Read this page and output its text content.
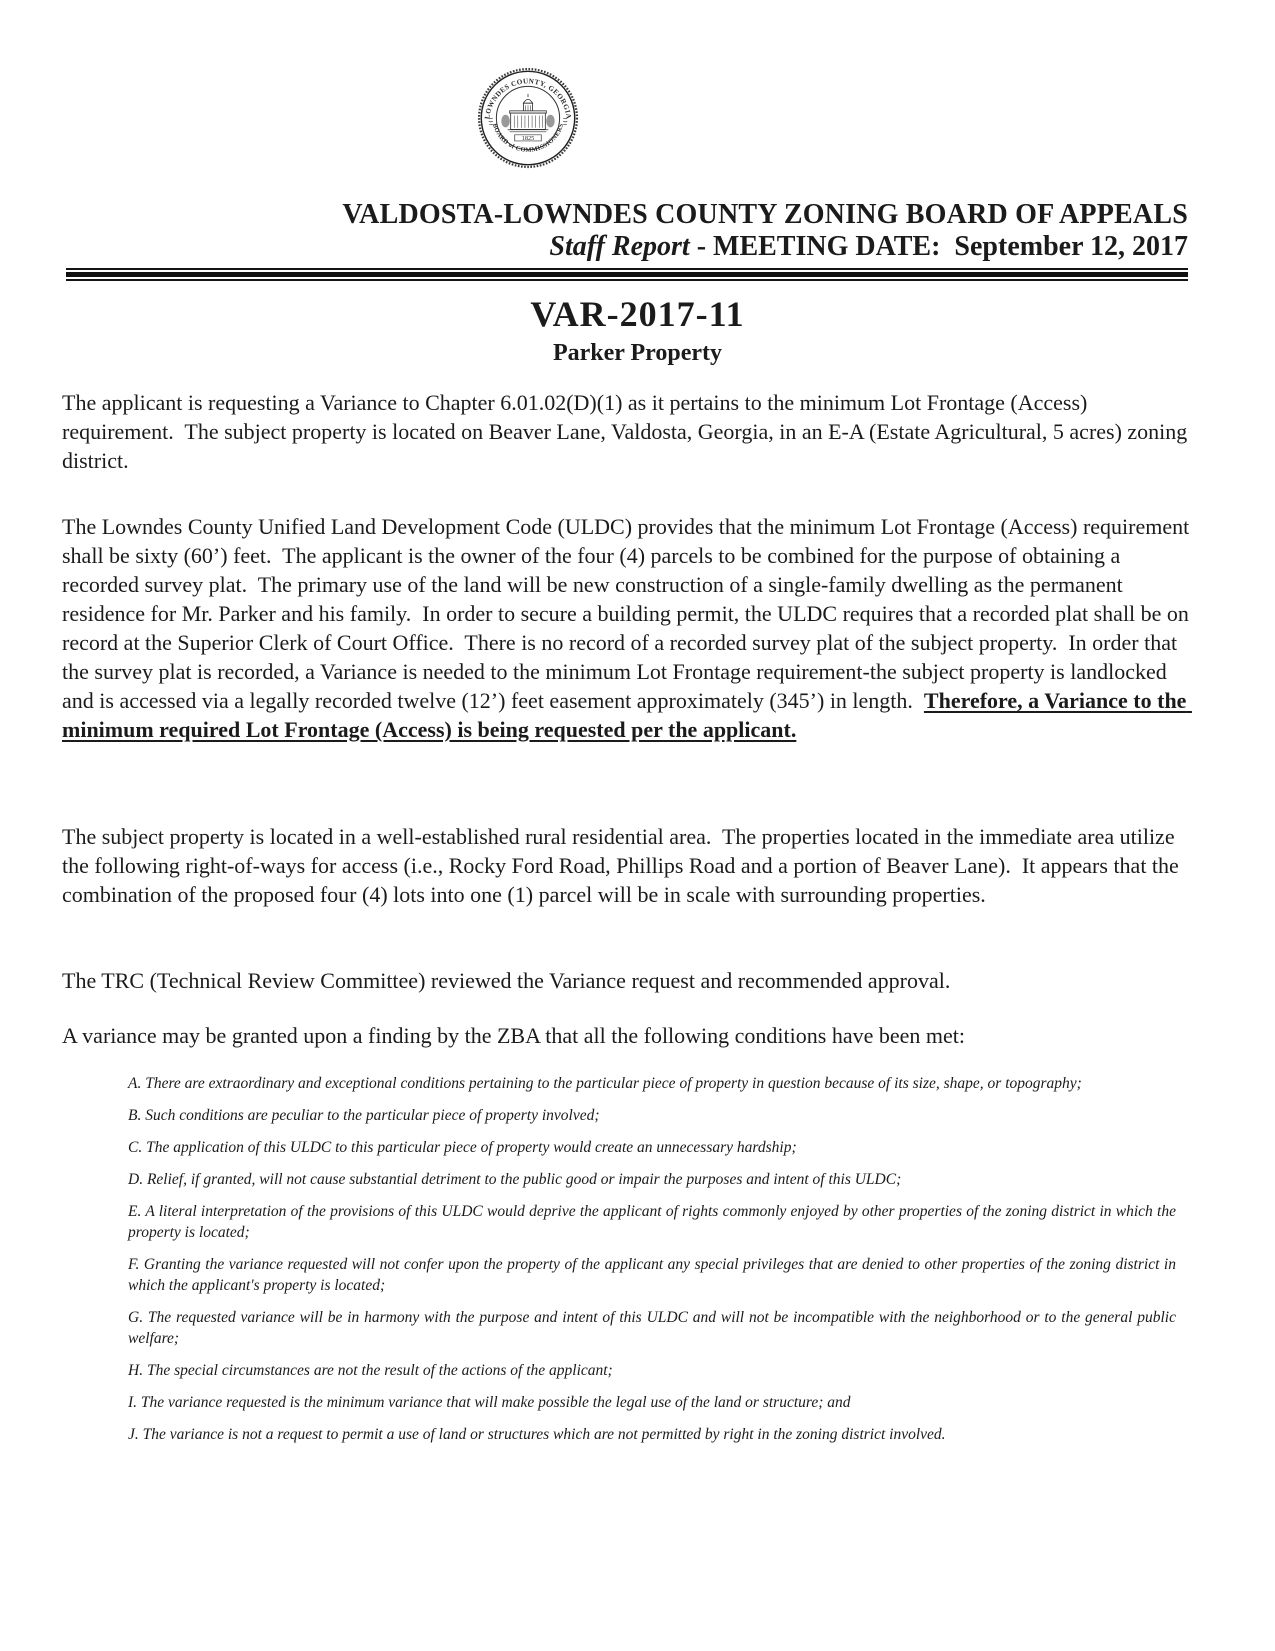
LOWNDES COUNTY, GEORGIA
BOARD of COMMISSIONERS
1825
VALDOSTA-LOWNDES COUNTY ZONING BOARD OF APPEALS
Staff Report - MEETING DATE:  September 12, 2017
VAR-2017-11
Parker Property
The applicant is requesting a Variance to Chapter 6.01.02(D)(1) as it pertains to the minimum Lot Frontage (Access) requirement.  The subject property is located on Beaver Lane, Valdosta, Georgia, in an E-A (Estate Agricultural, 5 acres) zoning district.
The Lowndes County Unified Land Development Code (ULDC) provides that the minimum Lot Frontage (Access) requirement shall be sixty (60’) feet.  The applicant is the owner of the four (4) parcels to be combined for the purpose of obtaining a recorded survey plat.  The primary use of the land will be new construction of a single-family dwelling as the permanent residence for Mr. Parker and his family.  In order to secure a building permit, the ULDC requires that a recorded plat shall be on record at the Superior Clerk of Court Office.  There is no record of a recorded survey plat of the subject property.  In order that the survey plat is recorded, a Variance is needed to the minimum Lot Frontage requirement-the subject property is landlocked and is accessed via a legally recorded twelve (12’) feet easement approximately (345’) in length.  Therefore, a Variance to the minimum required Lot Frontage (Access) is being requested per the applicant.
The subject property is located in a well-established rural residential area.  The properties located in the immediate area utilize the following right-of-ways for access (i.e., Rocky Ford Road, Phillips Road and a portion of Beaver Lane).  It appears that the combination of the proposed four (4) lots into one (1) parcel will be in scale with surrounding properties.
The TRC (Technical Review Committee) reviewed the Variance request and recommended approval.
A variance may be granted upon a finding by the ZBA that all the following conditions have been met:
A. There are extraordinary and exceptional conditions pertaining to the particular piece of property in question because of its size, shape, or topography;
B. Such conditions are peculiar to the particular piece of property involved;
C. The application of this ULDC to this particular piece of property would create an unnecessary hardship;
D. Relief, if granted, will not cause substantial detriment to the public good or impair the purposes and intent of this ULDC;
E. A literal interpretation of the provisions of this ULDC would deprive the applicant of rights commonly enjoyed by other properties of the zoning district in which the property is located;
F. Granting the variance requested will not confer upon the property of the applicant any special privileges that are denied to other properties of the zoning district in which the applicant's property is located;
G. The requested variance will be in harmony with the purpose and intent of this ULDC and will not be incompatible with the neighborhood or to the general public welfare;
H. The special circumstances are not the result of the actions of the applicant;
I. The variance requested is the minimum variance that will make possible the legal use of the land or structure; and
J. The variance is not a request to permit a use of land or structures which are not permitted by right in the zoning district involved.
